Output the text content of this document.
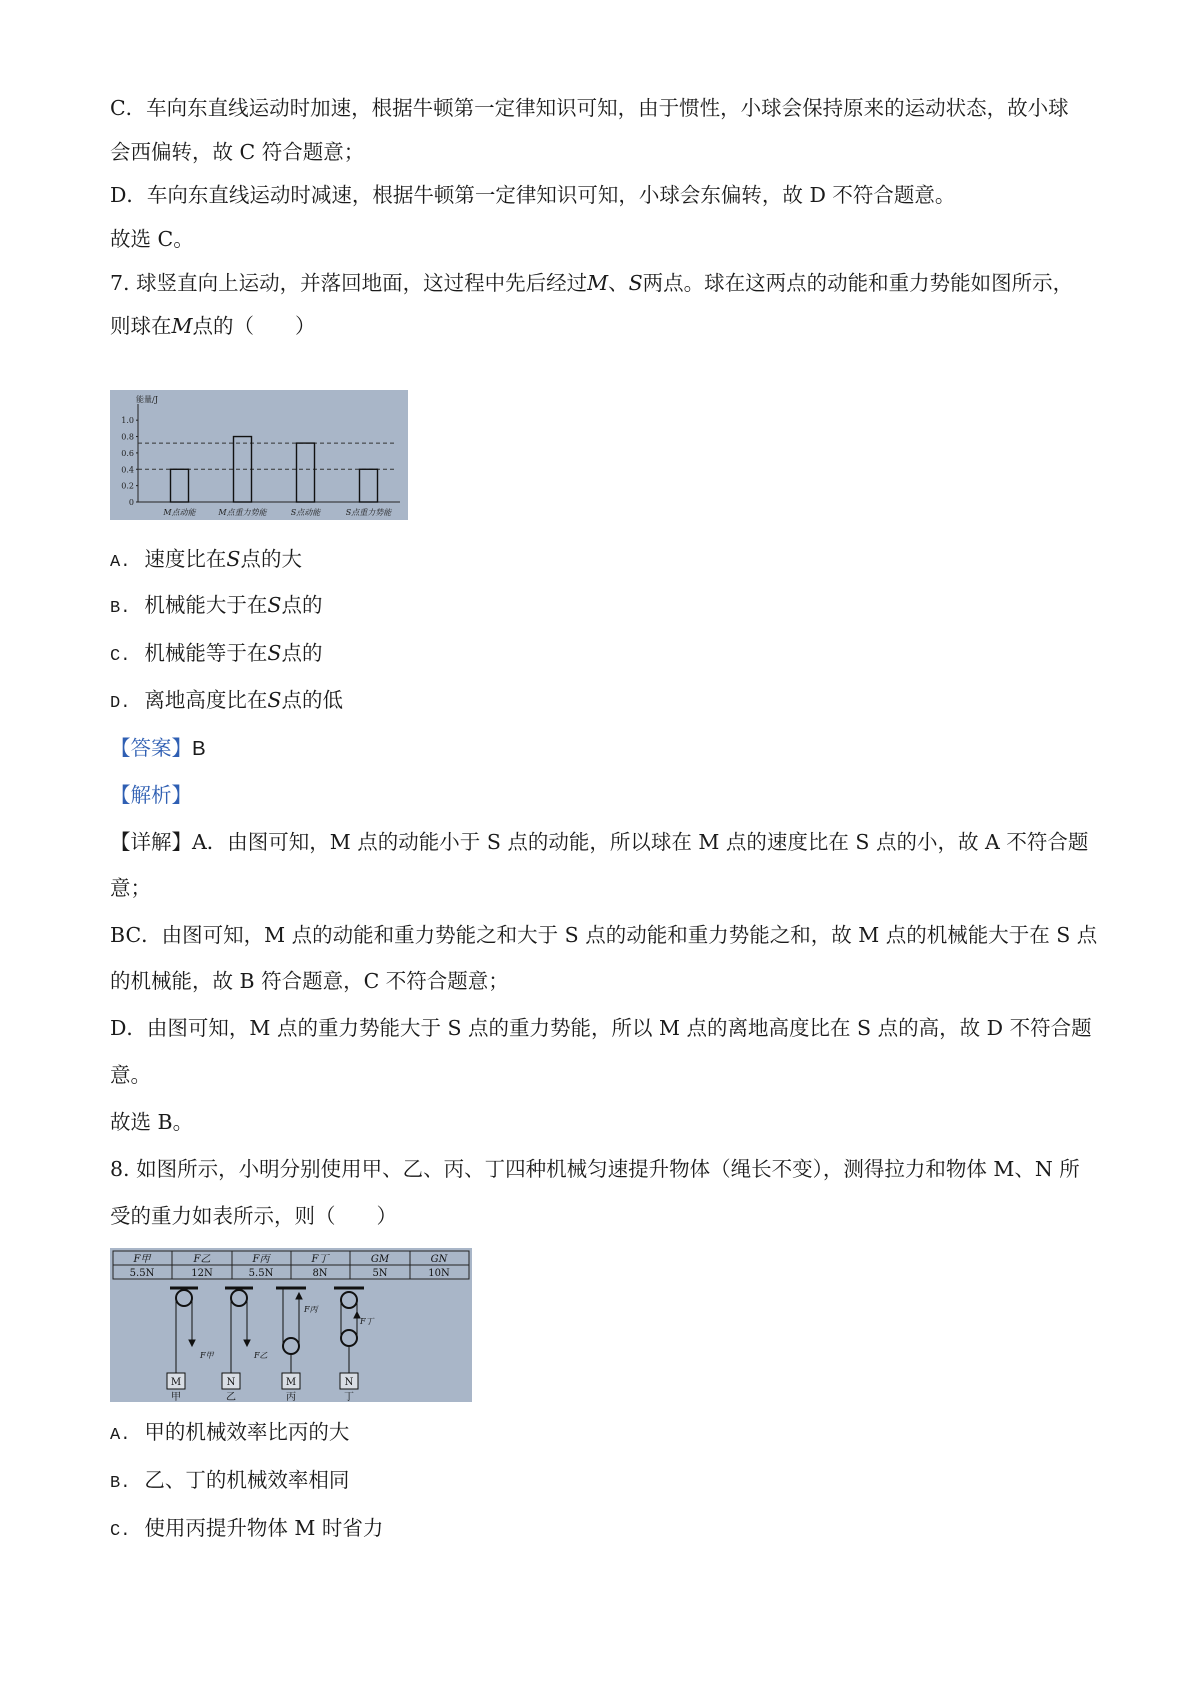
C．车向东直线运动时加速，根据牛顿第一定律知识可知，由于惯性，小球会保持原来的运动状态，故小球
会西偏转，故 C 符合题意；
D．车向东直线运动时减速，根据牛顿第一定律知识可知，小球会东偏转，故 D 不符合题意。
故选 C。
7. 球竖直向上运动，并落回地面，这过程中先后经过M、S两点。球在这两点的动能和重力势能如图所示，
则球在M点的（　　）
能量/J
0
0.2
0.4
0.6
0.8
1.0
M点动能	M点重力势能	S点动能	S点重力势能
A. 速度比在S点的大
B. 机械能大于在S点的
C. 机械能等于在S点的
D. 离地高度比在S点的低
【答案】B
【解析】
【详解】A．由图可知，M 点的动能小于 S 点的动能，所以球在 M 点的速度比在 S 点的小，故 A 不符合题
意；
BC．由图可知，M 点的动能和重力势能之和大于 S 点的动能和重力势能之和，故 M 点的机械能大于在 S 点
的机械能，故 B 符合题意，C 不符合题意；
D．由图可知，M 点的重力势能大于 S 点的重力势能，所以 M 点的离地高度比在 S 点的高，故 D 不符合题
意。
故选 B。
8. 如图所示，小明分别使用甲、乙、丙、丁四种机械匀速提升物体（绳长不变），测得拉力和物体 M、N 所
受的重力如表所示，则（　　）
F甲	F乙	F丙	F丁	GM	GN
5.5N	12N	5.5N	8N	5N	10N
M
F甲
甲
N
F乙
乙
M
F丙
丙
N
F丁
丁
A. 甲的机械效率比丙的大
B. 乙、丁的机械效率相同
C. 使用丙提升物体 M 时省力
